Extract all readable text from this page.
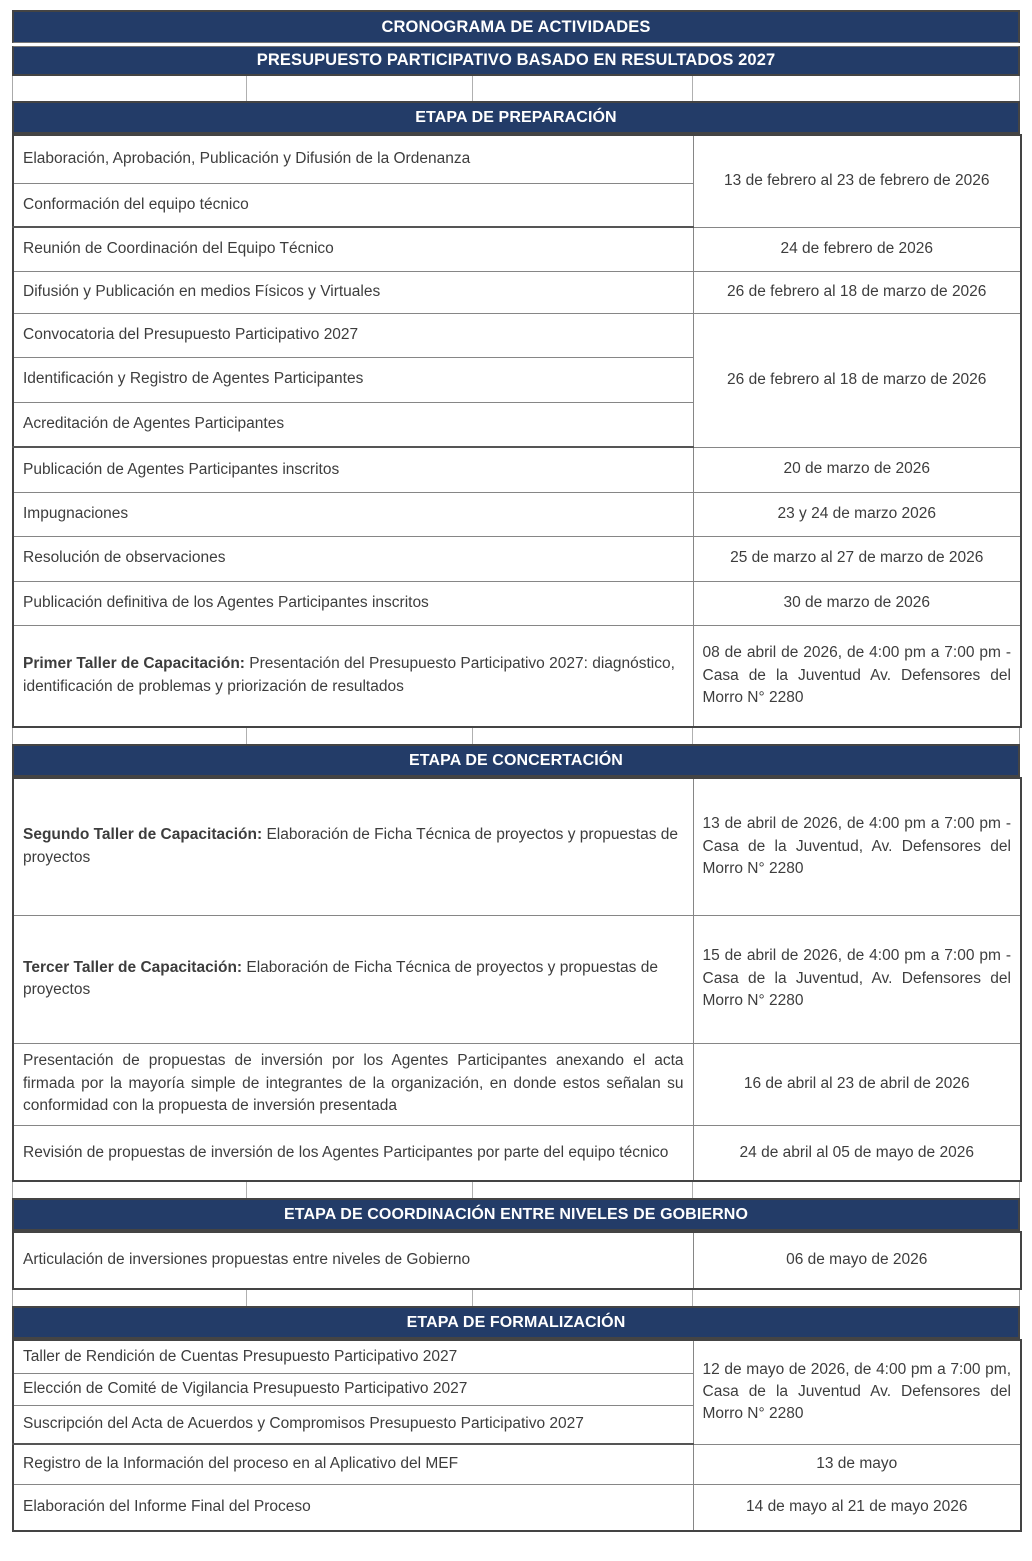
CRONOGRAMA DE ACTIVIDADES
PRESUPUESTO PARTICIPATIVO BASADO EN RESULTADOS 2027
ETAPA DE PREPARACIÓN
Elaboración, Aprobación, Publicación y Difusión de la Ordenanza	13 de febrero al 23 de febrero de 2026
Conformación del equipo técnico	
Reunión de Coordinación del Equipo Técnico	24 de febrero de 2026
Difusión y Publicación en medios Físicos y Virtuales	26 de febrero al 18 de marzo de 2026
Convocatoria del Presupuesto Participativo 2027	26 de febrero al 18 de marzo de 2026
Identificación y Registro de Agentes Participantes	
Acreditación de Agentes Participantes	
Publicación de Agentes Participantes inscritos	20 de marzo de 2026
Impugnaciones	23 y 24 de marzo 2026
Resolución de observaciones	25 de marzo al 27 de marzo de 2026
Publicación definitiva de los Agentes Participantes inscritos	30 de marzo de 2026
Primer Taller de Capacitación: Presentación del Presupuesto Participativo 2027: diagnóstico, identificación de problemas y priorización de resultados	08 de abril de 2026, de 4:00 pm a 7:00 pm - Casa de la Juventud Av. Defensores del Morro N° 2280
ETAPA DE CONCERTACIÓN
Segundo Taller de Capacitación: Elaboración de Ficha Técnica de proyectos y propuestas de proyectos	13 de abril de 2026, de 4:00 pm a 7:00 pm - Casa de la Juventud, Av. Defensores del Morro N° 2280
Tercer Taller de Capacitación: Elaboración de Ficha Técnica de proyectos y propuestas de proyectos	15 de abril de 2026, de 4:00 pm a 7:00 pm - Casa de la Juventud, Av. Defensores del Morro N° 2280
Presentación de propuestas de inversión por los Agentes Participantes anexando el acta firmada por la mayoría simple de integrantes de la organización, en donde estos señalan su conformidad con la propuesta de inversión presentada	16 de abril al 23 de abril de 2026
Revisión de propuestas de inversión de los Agentes Participantes por parte del equipo técnico	24 de abril al 05 de mayo de 2026
ETAPA DE COORDINACIÓN ENTRE NIVELES DE GOBIERNO
Articulación de inversiones propuestas entre niveles de Gobierno	06 de mayo de 2026
ETAPA DE FORMALIZACIÓN
Taller de Rendición de Cuentas Presupuesto Participativo 2027	12 de mayo de 2026, de 4:00 pm a 7:00 pm, Casa de la Juventud Av. Defensores del Morro N° 2280
Elección de Comité de Vigilancia Presupuesto Participativo 2027	
Suscripción del Acta de Acuerdos y Compromisos Presupuesto Participativo 2027	
Registro de la Información del proceso en al Aplicativo del MEF	13 de mayo
Elaboración del Informe Final del Proceso	14 de mayo al 21 de mayo 2026
